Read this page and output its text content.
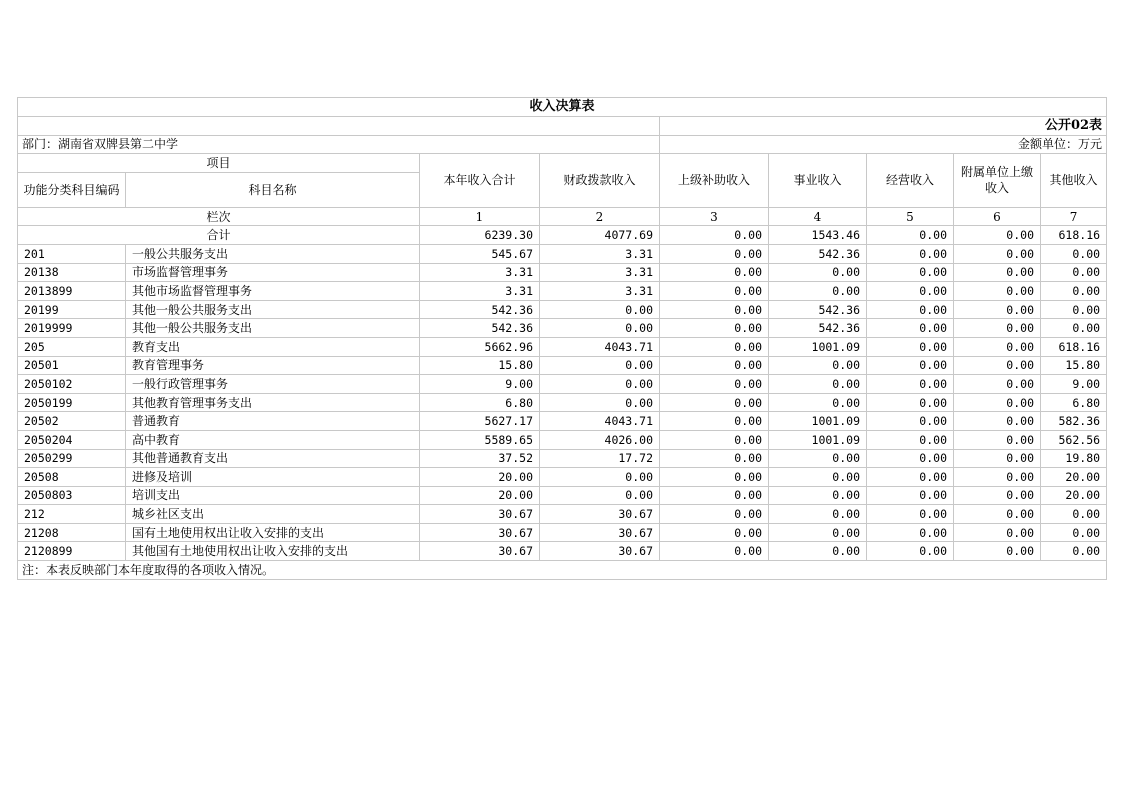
收入决算表								
				公开02表				
部门：湖南省双牌县第二中学				金额单位：万元				
项目		本年收入合计	财政拨款收入	上级补助收入	事业收入	经营收入	附属单位上缴收入	其他收入
功能分类科目编码	科目名称							
栏次		1	2	3	4	5	6	7
合计		6239.30	4077.69	0.00	1543.46	0.00	0.00	618.16
201	一般公共服务支出	545.67	3.31	0.00	542.36	0.00	0.00	0.00
20138	市场监督管理事务	3.31	3.31	0.00	0.00	0.00	0.00	0.00
2013899	其他市场监督管理事务	3.31	3.31	0.00	0.00	0.00	0.00	0.00
20199	其他一般公共服务支出	542.36	0.00	0.00	542.36	0.00	0.00	0.00
2019999	其他一般公共服务支出	542.36	0.00	0.00	542.36	0.00	0.00	0.00
205	教育支出	5662.96	4043.71	0.00	1001.09	0.00	0.00	618.16
20501	教育管理事务	15.80	0.00	0.00	0.00	0.00	0.00	15.80
2050102	一般行政管理事务	9.00	0.00	0.00	0.00	0.00	0.00	9.00
2050199	其他教育管理事务支出	6.80	0.00	0.00	0.00	0.00	0.00	6.80
20502	普通教育	5627.17	4043.71	0.00	1001.09	0.00	0.00	582.36
2050204	高中教育	5589.65	4026.00	0.00	1001.09	0.00	0.00	562.56
2050299	其他普通教育支出	37.52	17.72	0.00	0.00	0.00	0.00	19.80
20508	进修及培训	20.00	0.00	0.00	0.00	0.00	0.00	20.00
2050803	培训支出	20.00	0.00	0.00	0.00	0.00	0.00	20.00
212	城乡社区支出	30.67	30.67	0.00	0.00	0.00	0.00	0.00
21208	国有土地使用权出让收入安排的支出	30.67	30.67	0.00	0.00	0.00	0.00	0.00
2120899	其他国有土地使用权出让收入安排的支出	30.67	30.67	0.00	0.00	0.00	0.00	0.00
注：本表反映部门本年度取得的各项收入情况。								
